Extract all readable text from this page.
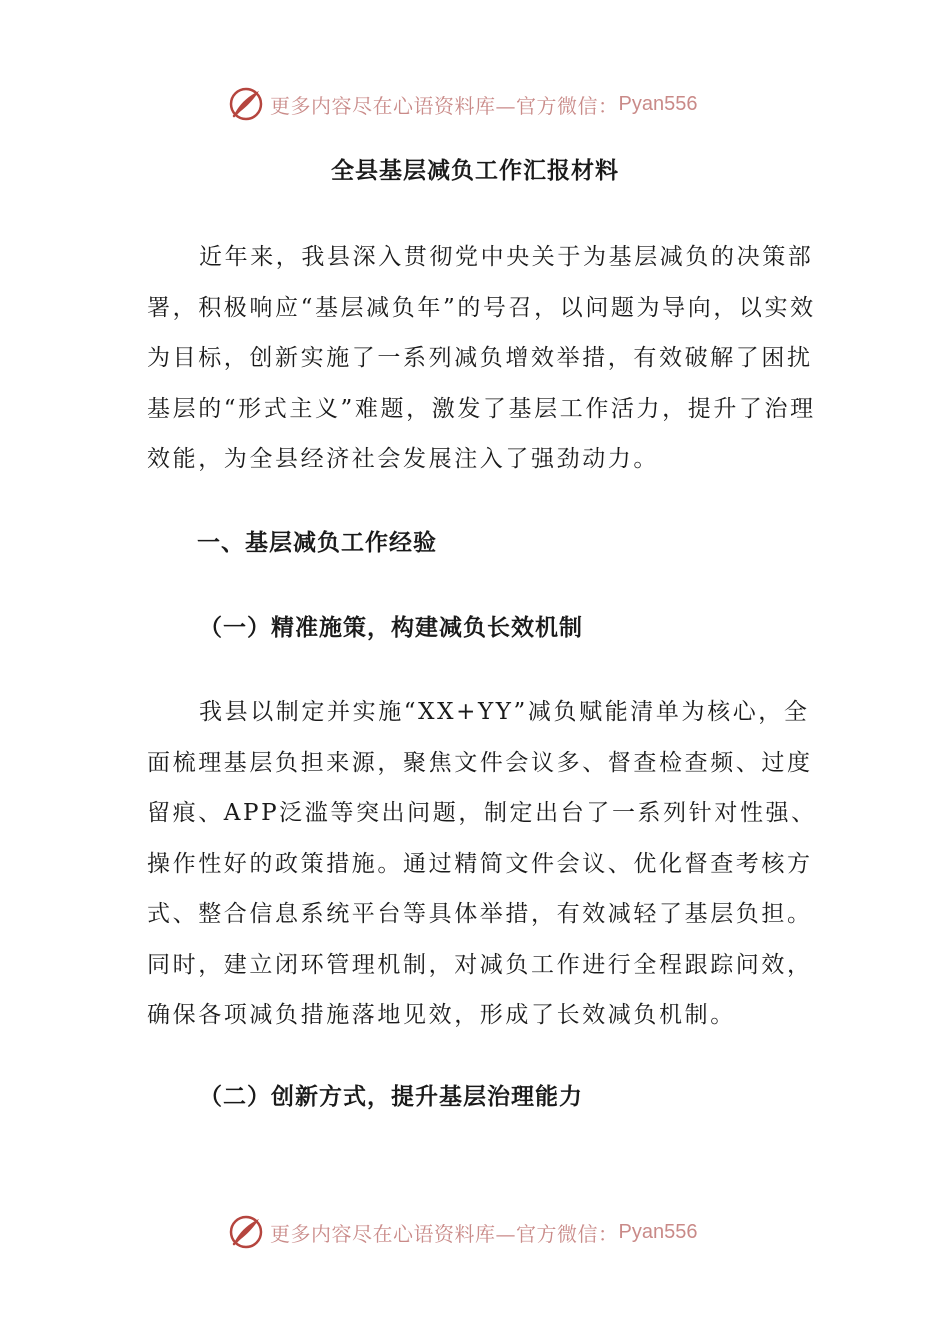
更多内容尽在心语资料库—官方微信： Pyan556
全县基层减负工作汇报材料

近年来，我县深入贯彻党中央关于为基层减负的决策部署，积极响应“基层减负年”的号召，以问题为导向，以实效为目标，创新实施了一系列减负增效举措，有效破解了困扰基层的“形式主义”难题，激发了基层工作活力，提升了治理效能，为全县经济社会发展注入了强劲动力。

一、基层减负工作经验
（一）精准施策，构建减负长效机制

我县以制定并实施“XX+YY”减负赋能清单为核心，全面梳理基层负担来源，聚焦文件会议多、督查检查频、过度留痕、APP泛滥等突出问题，制定出台了一系列针对性强、操作性好的政策措施。通过精简文件会议、优化督查考核方式、整合信息系统平台等具体举措，有效减轻了基层负担。同时，建立闭环管理机制，对减负工作进行全程跟踪问效，确保各项减负措施落地见效，形成了长效减负机制。

（二）创新方式，提升基层治理能力
更多内容尽在心语资料库—官方微信： Pyan556
